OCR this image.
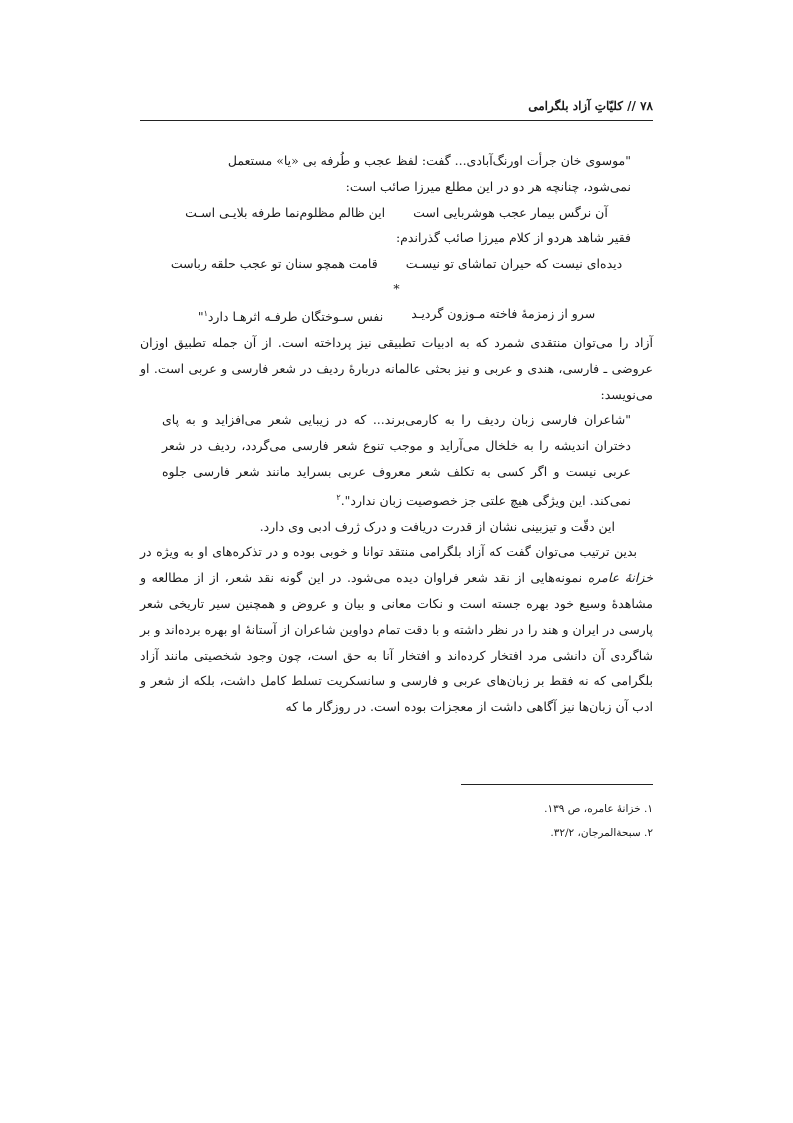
۷۸ // کلیّاتِ آزاد بلگرامی

"موسوی خان جرأت اورنگ‌آبادی... گفت: لفظ عجب و طُرفه بی «یا» مستعمل

نمی‌شود، چنانچه هر دو در این مطلع میرزا صائب است:

آن نرگس بیمار عجب هوشربایی است
این ظالم مظلوم‌نما طرفه بلایـی اسـت

فقیر شاهد هردو از کلام میرزا صائب گذراندم:

دیده‌ای نیست که حیران تماشای تو نیسـت
قامت همچو سنان تو عجب حلقه رباست

*

سرو از زمزمهٔ فاخته مـوزون گردیـد
نفس سـوختگان طرفـه اثرهـا دارد$^۱$"

آزاد را می‌توان منتقدی شمرد که به ادبیات تطبیقی نیز پرداخته است. از آن جمله تطبیق اوزان عروضی ـ فارسی، هندی و عربی و نیز بحثی عالمانه دربارهٔ ردیف در شعر فارسی و عربی است. او می‌نویسد:

"شاعران فارسی زبان ردیف را به کارمی‌برند... که در زیبایی شعر می‌افزاید و به پای دختران اندیشه را به خلخال می‌آراید و موجب تنوع شعر فارسی می‌گردد، ردیف در شعر عربی نیست و اگر کسی به تکلف شعر معروف عربی بسراید مانند شعر فارسی جلوه نمی‌کند. این ویژگی هیچ علتی جز خصوصیت زبان ندارد".$^۲$

این دقّت و تیزبینی نشان از قدرت دریافت و درک ژرف ادبی وی دارد.

بدین ترتیب می‌توان گفت که آزاد بلگرامی منتقد توانا و خوبی بوده و در تذکره‌های او به ویژه در خزانهٔ عامره نمونه‌هایی از نقد شعر فراوان دیده می‌شود. در این گونه نقد شعر، از از مطالعه و مشاهدهٔ وسیع خود بهره جسته است و نکات معانی و بیان و عروض و همچنین سیر تاریخی شعر پارسی در ایران و هند را در نظر داشته و با دقت تمام دواوین شاعران از آستانهٔ او بهره برده‌اند و بر شاگردی آن دانشی مرد افتخار کرده‌اند و افتخار آنا به حق است، چون وجود شخصیتی مانند آزاد بلگرامی که نه فقط بر زبان‌های عربی و فارسی و سانسکریت تسلط کامل داشت، بلکه از شعر و ادب آن زبان‌ها نیز آگاهی داشت از معجزات بوده است. در روزگار ما که

۱. خزانهٔ عامره، ص ۱۳۹.
۲. سبحةالمرجان، ۳۲/۲.
